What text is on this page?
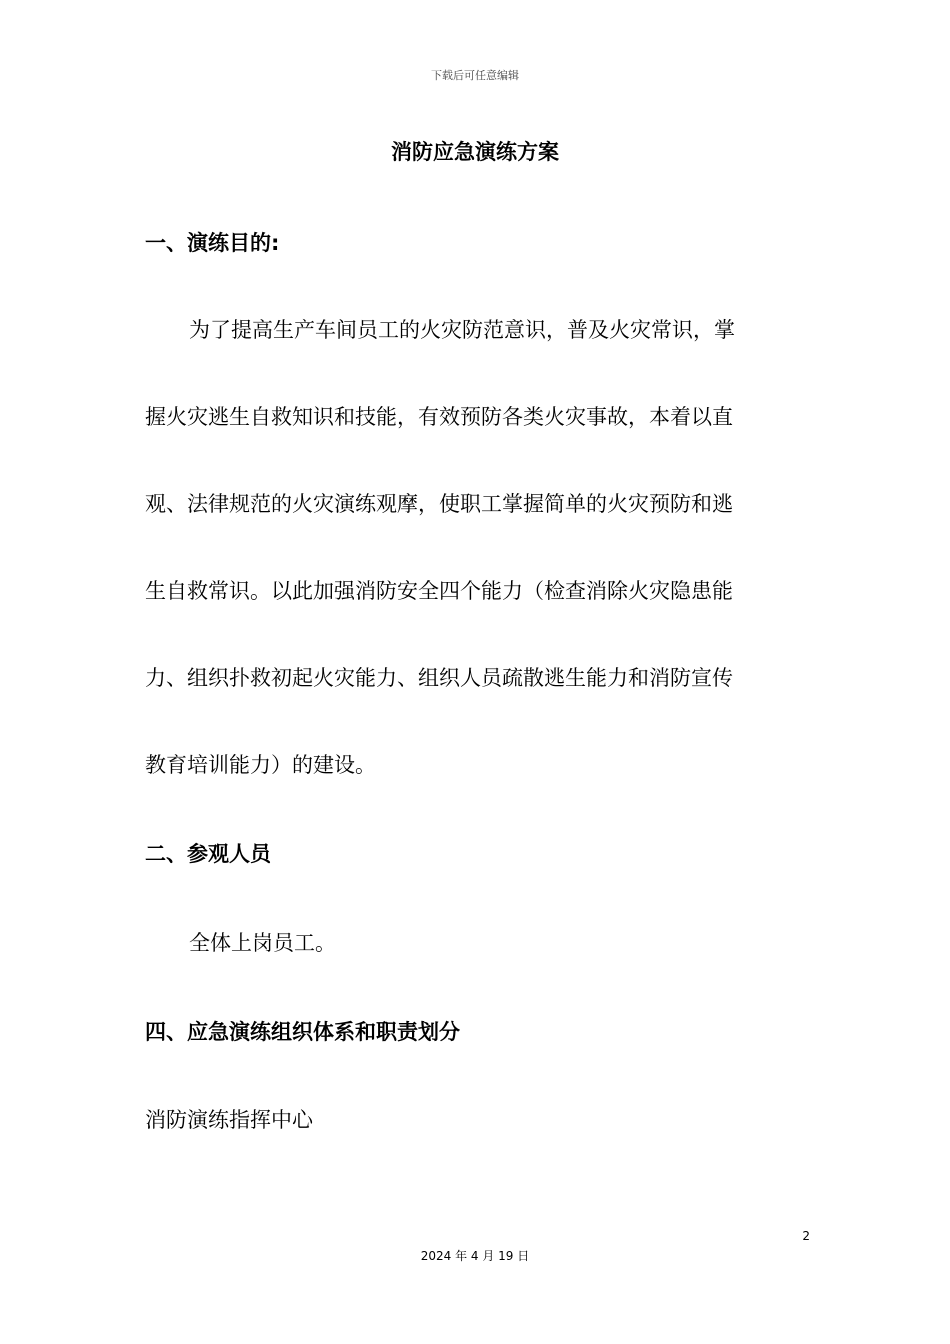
下载后可任意编辑
消防应急演练方案
一、演练目的:
为了提高生产车间员工的火灾防范意识，普及火灾常识，掌
握火灾逃生自救知识和技能，有效预防各类火灾事故，本着以直
观、法律规范的火灾演练观摩，使职工掌握简单的火灾预防和逃
生自救常识。以此加强消防安全四个能力（检查消除火灾隐患能
力、组织扑救初起火灾能力、组织人员疏散逃生能力和消防宣传
教育培训能力）的建设。
二、参观人员
全体上岗员工。
四、应急演练组织体系和职责划分
消防演练指挥中心
2
2024 年 4 月 19 日
